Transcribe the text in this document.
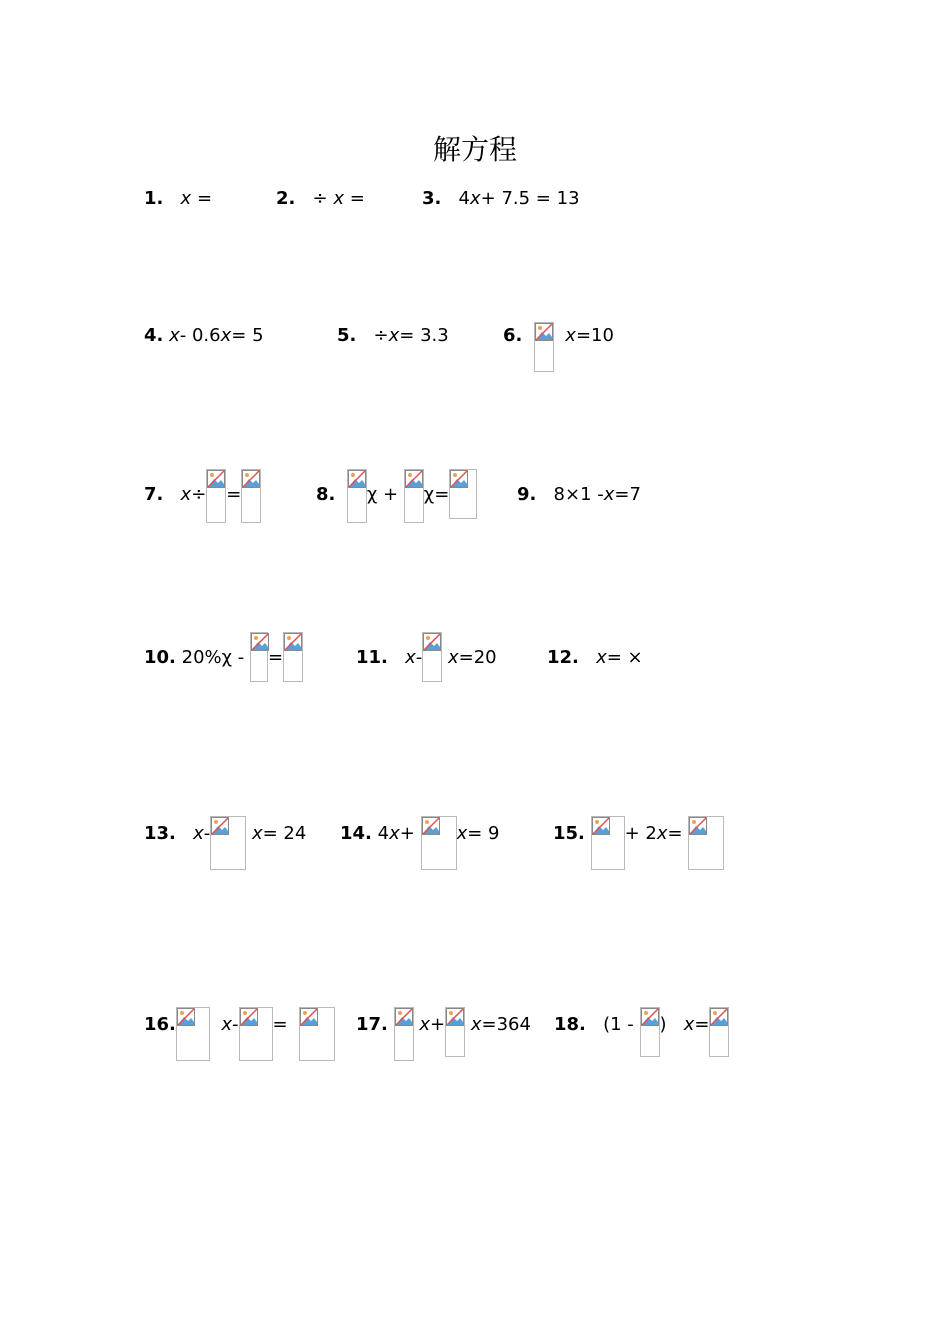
解方程
1. x =	2. ÷ x =	3. 4x+ 7.5 = 13
4. x- 0.6x= 5	5. ÷x= 3.3	6. x=10
7. x÷ =	8. χ + χ=	9. 8×1 -x=7
10. 20%χ - =	11. x- x=20	12. x= ×
13. x- x= 24 14. 4x+ x= 9	15.
+ 2x=
16.	x-
=	17. x+ x=364 18. (1 - ) x=
